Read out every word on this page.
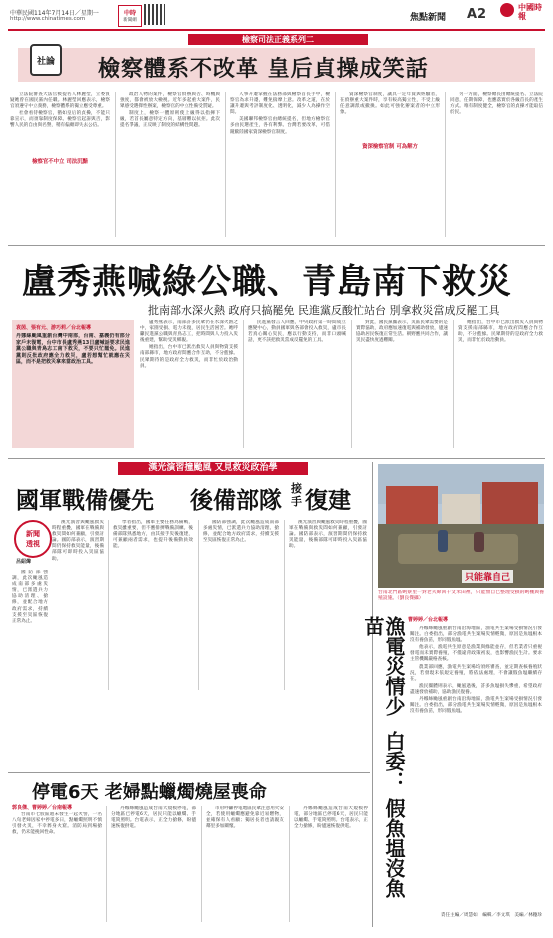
中華民國114年7月14日／星期一
http://www.chinatimes.com
中時
新聞網	焦點新聞 A2	中國時報
檢察司法正義系列二
社論 檢察體系不改革 皇后貞操成笑話

立法院審查大法官被提名人林麗瑩，立委質疑她曾在國民黨內任職。林麗瑩回應表示，檢察官須遵守中立義務，檢察體系的獨立應受尊重。

社會看待檢察官，猶如皇后的貞操，不能只靠宣示，而須靠制度保障。檢察官起訴與否，影響人民的自由與名譽，稍有偏頗即失去公信。

政治人物的案件，檢察官偵辦與否、時機與強度，都會被放大檢視。近年多起重大案件，民眾感受選擇性辦案，檢察官的中立性備受質疑。

制度上，檢察一體原則使上級得以指揮下級，若首長屬意特定方向，基層難以抗拒。此次提名爭議，正反映了制度的結構性問題。

檢察官不中立 司法沉黯

人事升遷掌握在法務部與檢察首長手中，檢察官為求升遷，難免揣摩上意。改革之道，在於讓升遷與考評制度化、透明化，減少人為操作空間。

美國聯邦檢察官由總統提名，但地方檢察官多由民選產生，各有利弊。台灣若要改革，可借鏡歐陸國家資深檢察官制度。

資深檢察官制 可為解方

資深檢察官制度，讓具一定年資與經驗者，在偵辦重大案件時，享有較高獨立性，不受上級任意調派或撤換。如此可強化辦案者的中立形象。

另一方面，檢察總長由總統提名、立法院同意，任期保障，也應落實於各級首長的產生方式。唯有制度健全，檢察官的貞操才能取信於民。

盧秀燕喊綠公職、青島南下救災
批南部水深火熱 政府只搞罷免 民進黨反酸忙站台 別拿救災當成反罷工具
袁茵、張有元、游巧莉／台北報導
丹娜絲颱風重創台灣中南部，台南、嘉義仍有部分家戶未復電，台中市長盧秀燕13日盧喊話要求民進黨公職與青鳥志工南下救災，不要只忙罷免。民進黨則反批政府應全力救災，盧若想幫忙就應在災區，而不是把救災拿來當政治工具。

盧秀燕表示，南部許多民眾仍在水深火熱之中，家園受損、電力未復，居民生活困苦。她呼籲民進黨公職與青鳥志工，把時間與人力投入災後重建，幫助受災鄉親。

她指出，台中市已派出救災人員與物資支援南部縣市，地方政府間應合作互助，不分藍綠。民眾期待的是政府全力救災，而非忙於政治動員。

民進黨發言人回應，中央政府第一時間成立應變中心，動員國軍與各部會投入救災，盧市長若真心關心災民，應以行動支持，而非口頭喊話，更不該把救災當成反罷免的工具。

對此，國民黨團表示，災區民眾需要的是實際協助，政府應加速復電與補助發放，儘速協助居民恢復正常生活。朝野應共同合作，讓災民盡快度過難關。

她指出，台中市已派出救災人員與物資支援南部縣市，地方政府間應合作互助，不分藍綠。民眾期待的是政府全力救災，而非忙於政治動員。

漢光演習撞颱風 又見救災政治學
國軍戰備優先 後備部隊 接手 復建
新聞
透視
呂紹煒

漢光演習與颱風救災時程重疊，國軍在戰備與救災間如何兼顧，引發討論。國防部表示，演習期間仍保持救災能量，後備部隊可即時投入災區協助。

國防部強調，此次颱風造成南部多處災情，已派遣兵力協助清理、搶修，並配合地方政府需求，持續支援至災區恢復正常為止。

學者指出，國軍主要任務為備戰，救災雖重要，但不應排擠戰備訓練。後備部隊熟悉地方，由其接手災後復建，可兼顧兩者需求，也提升後備動員效能。

國防部強調，此次颱風造成南部多處災情，已派遣兵力協助清理、搶修，並配合地方政府需求，持續支援至災區恢復正常為止。

漢光演習與颱風救災時程重疊，國軍在戰備與救災間如何兼顧，引發討論。國防部表示，演習期間仍保持救災能量，後備部隊可即時投入災區協助。

停電6天 老婦點蠟燭燒屋喪命
郭良傑、曹婷婷／台南報導

台南市七股區週末發生一起火警，一名八旬老婦因家中停電多日，點蠟燭照明不慎引發火災，不幸葬身火窟。消防局到場搶救，仍未能挽回性命。

丹娜絲颱風造成台南大規模停電，部分地區已停電6天，居民只能以蠟燭、手電筒照明。台電表示，正全力搶修，盼儘速恢復供電。

市府呼籲停電地區民眾注意用火安全，若使用蠟燭應避免靠近易燃物，並確保有人看顧；獨居長者也請親友鄰里多加關懷。

丹娜絲颱風造成台南大規模停電，部分地區已停電6天，居民只能以蠟燭、手電筒照明。台電表示，正全力搶修，盼儘速恢復供電。

只能靠自己
台南北門區蚵寮里一對老夫婦回千文米田裡，只能無自已整理受損的蚵棚與養殖設施。（劉良傑攝）
曹婷婷／台北報導
漁電災情少 白委： 假魚塭沒魚苗	丹娜絲颱風重創台南沿海地區，漁電共生案場受損情況引發關注。白委指出，部分漁電共生案場災情輕微，原因是魚塭根本沒有養魚苗，形同假魚塭。

他表示，漁電共生原意是漁業與綠能並存，但若業者只重視發電而未實際養殖，不僅違背政策初衷，也影響漁民生計。要求主管機關嚴格查核。

農業部回應，漁電共生案場均須經審查，並定期查核養殖狀況，若發現未依規定養殖，將依法處理，不會讓假魚塭繼續存在。

漁民團體則表示，颱風過後，許多魚塭損失慘重，希望政府盡速發放補助，協助漁民復養。

丹娜絲颱風重創台南沿海地區，漁電共生案場受損情況引發關注。白委指出，部分漁電共生案場災情輕微，原因是魚塭根本沒有養魚苗，形同假魚塭。

責任主編／周慧如　編輯／李文琪　美編／林穗珍
